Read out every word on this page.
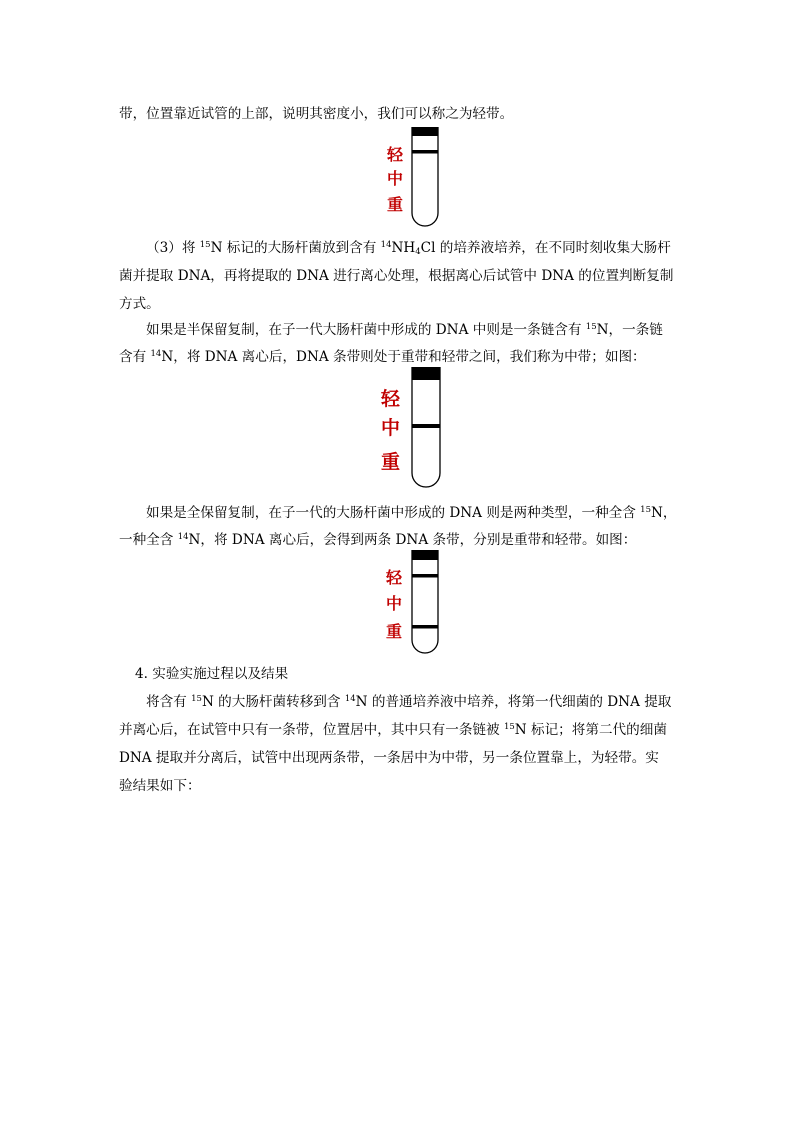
带，位置靠近试管的上部，说明其密度小，我们可以称之为轻带。
轻
中
重
（3）将 $^{15}$N 标记的大肠杆菌放到含有 $^{14}NH_4Cl$ 的培养液培养，在不同时刻收集大肠杆
菌并提取 DNA，再将提取的 DNA 进行离心处理，根据离心后试管中 DNA 的位置判断复制
方式。
如果是半保留复制，在子一代大肠杆菌中形成的 DNA 中则是一条链含有 $^{15}$N，一条链
含有 $^{14}$N，将 DNA 离心后，DNA 条带则处于重带和轻带之间，我们称为中带；如图：
轻
中
重
如果是全保留复制，在子一代的大肠杆菌中形成的 DNA 则是两种类型，一种全含 $^{15}$N，
一种全含 $^{14}$N，将 DNA 离心后，会得到两条 DNA 条带，分别是重带和轻带。如图：
轻
中
重
4. 实验实施过程以及结果
将含有 $^{15}$N 的大肠杆菌转移到含 $^{14}$N 的普通培养液中培养，将第一代细菌的 DNA 提取
并离心后，在试管中只有一条带，位置居中，其中只有一条链被 $^{15}$N 标记；将第二代的细菌
DNA 提取并分离后，试管中出现两条带，一条居中为中带，另一条位置靠上，为轻带。实
验结果如下：
